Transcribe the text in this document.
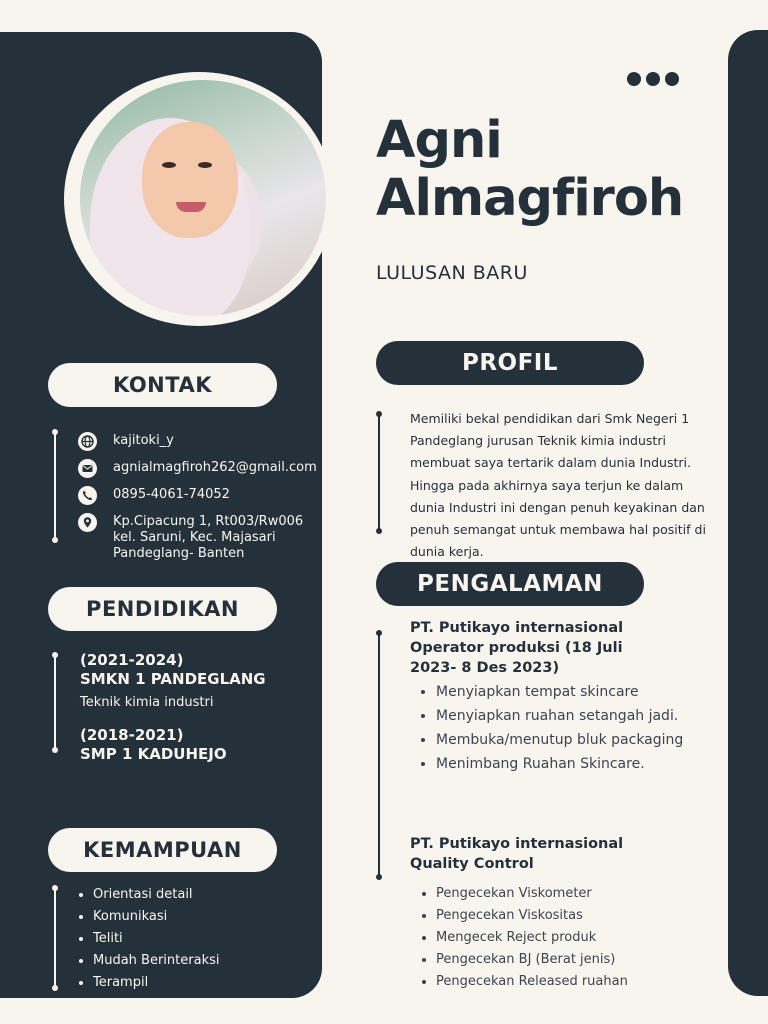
Agni
Almagfiroh

LULUSAN BARU

KONTAK
kajitoki_y
agnialmagfiroh262@gmail.com
0895-4061-74052
Kp.Cipacung 1, Rt003/Rw006
kel. Saruni, Kec. Majasari
Pandeglang- Banten
PENDIDIKAN

(2021-2024)

SMKN 1 PANDEGLANG

Teknik kimia industri

(2018-2021)

SMP 1 KADUHEJO

KEMAMPUAN
• Orientasi detail
• Komunikasi
• Teliti
• Mudah Berinteraksi
• Terampil
PROFIL

Memiliki bekal pendidikan dari Smk Negeri 1
Pandeglang jurusan Teknik kimia industri
membuat saya tertarik dalam dunia Industri.
Hingga pada akhirnya saya terjun ke dalam
dunia Industri ini dengan penuh keyakinan dan
penuh semangat untuk membawa hal positif di
dunia kerja.

PENGALAMAN

PT. Putikayo internasional
Operator produksi (18 Juli
2023- 8 Des 2023)

• Menyiapkan tempat skincare
• Menyiapkan ruahan setangah jadi.
• Membuka/menutup bluk packaging
• Menimbang Ruahan Skincare.

PT. Putikayo internasional
Quality Control

• Pengecekan Viskometer
• Pengecekan Viskositas
• Mengecek Reject produk
• Pengecekan BJ (Berat jenis)
• Pengecekan Released ruahan
